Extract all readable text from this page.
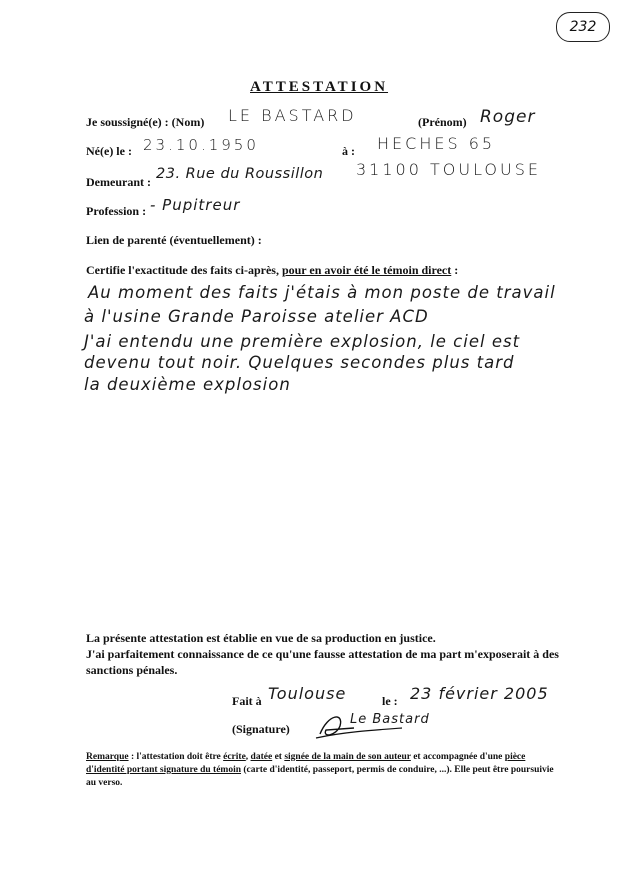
232
ATTESTATION
Je soussigné(e) : (Nom) LE BASTARD	(Prénom) Roger
Né(e) le : 23.10.1950	à : HECHES 65
Demeurant : 23. Rue du Roussillon 31100 TOULOUSE
Profession : - Pupitreur
Lien de parenté (éventuellement) :
Certifie l'exactitude des faits ci-après, pour en avoir été le témoin direct :
Au moment des faits j'étais à mon poste de travail
à l'usine Grande Paroisse atelier ACD
J'ai entendu une première explosion, le ciel est
devenu tout noir. Quelques secondes plus tard
la deuxième explosion
La présente attestation est établie en vue de sa production en justice.
J'ai parfaitement connaissance de ce qu'une fausse attestation de ma part m'exposerait à des
sanctions pénales.
Fait à Toulouse	le : 23 février 2005
(Signature)
Le Bastard
Remarque : l'attestation doit être écrite, datée et signée de la main de son auteur et accompagnée d'une pièce d'identité portant signature du témoin (carte d'identité, passeport, permis de conduire, ...). Elle peut être poursuivie au verso.
